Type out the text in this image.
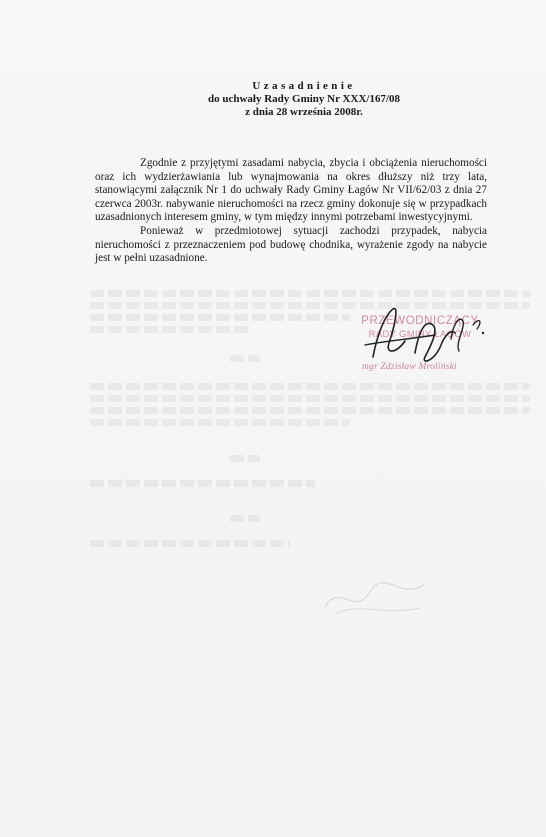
Uzasadnienie
do uchwały Rady Gminy Nr XXX/167/08
z dnia 28 września 2008r.

Zgodnie z przyjętymi zasadami nabycia, zbycia i obciążenia nieruchomości oraz ich wydzierżawiania lub wynajmowania na okres dłuższy niż trzy lata, stanowiącymi załącznik Nr 1 do uchwały Rady Gminy Łagów Nr VII/62/03 z dnia 27 czerwca 2003r. nabywanie nieruchomości na rzecz gminy dokonuje się w przypadkach uzasadnionych interesem gminy, w tym między innymi potrzebami inwestycyjnymi.

Ponieważ w przedmiotowej sytuacji zachodzi przypadek, nabycia nieruchomości z przeznaczeniem pod budowę chodnika, wyrażenie zgody na nabycie jest w pełni uzasadnione.

PRZEWODNICZĄCY
RADY GMINY ŁAGÓW
mgr Zdzisław Mroliński
